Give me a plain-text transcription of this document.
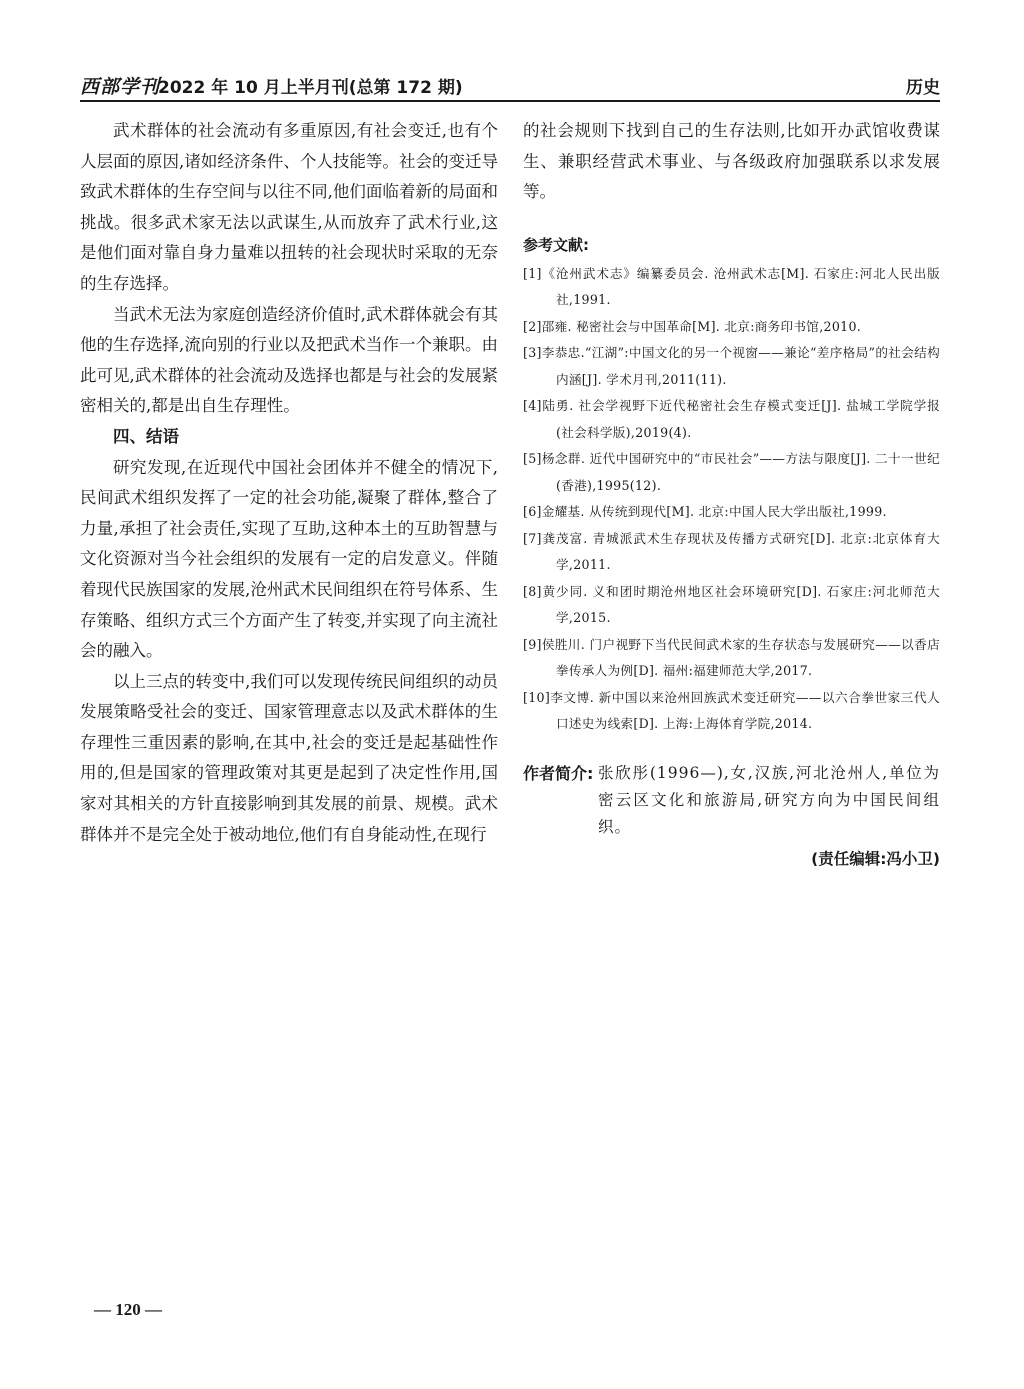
西部学刊
2022 年 10 月上半月刊(总第 172 期)	历史

武术群体的社会流动有多重原因,有社会变迁,也有个人层面的原因,诸如经济条件、个人技能等。社会的变迁导致武术群体的生存空间与以往不同,他们面临着新的局面和挑战。很多武术家无法以武谋生,从而放弃了武术行业,这是他们面对靠自身力量难以扭转的社会现状时采取的无奈的生存选择。

当武术无法为家庭创造经济价值时,武术群体就会有其他的生存选择,流向别的行业以及把武术当作一个兼职。由此可见,武术群体的社会流动及选择也都是与社会的发展紧密相关的,都是出自生存理性。

四、结语

研究发现,在近现代中国社会团体并不健全的情况下,民间武术组织发挥了一定的社会功能,凝聚了群体,整合了力量,承担了社会责任,实现了互助,这种本土的互助智慧与文化资源对当今社会组织的发展有一定的启发意义。伴随着现代民族国家的发展,沧州武术民间组织在符号体系、生存策略、组织方式三个方面产生了转变,并实现了向主流社会的融入。

以上三点的转变中,我们可以发现传统民间组织的动员发展策略受社会的变迁、国家管理意志以及武术群体的生存理性三重因素的影响,在其中,社会的变迁是起基础性作用的,但是国家的管理政策对其更是起到了决定性作用,国家对其相关的方针直接影响到其发展的前景、规模。武术群体并不是完全处于被动地位,他们有自身能动性,在现行

的社会规则下找到自己的生存法则,比如开办武馆收费谋生、兼职经营武术事业、与各级政府加强联系以求发展等。

参考文献:
[1]《沧州武术志》编纂委员会. 沧州武术志[M]. 石家庄:河北人民出版社,1991.
[2]邵雍. 秘密社会与中国革命[M]. 北京:商务印书馆,2010.
[3]李恭忠.“江湖”:中国文化的另一个视窗——兼论“差序格局”的社会结构内涵[J]. 学术月刊,2011(11).
[4]陆勇. 社会学视野下近代秘密社会生存模式变迁[J]. 盐城工学院学报(社会科学版),2019(4).
[5]杨念群. 近代中国研究中的“市民社会”——方法与限度[J]. 二十一世纪(香港),1995(12).
[6]金耀基. 从传统到现代[M]. 北京:中国人民大学出版社,1999.
[7]龚茂富. 青城派武术生存现状及传播方式研究[D]. 北京:北京体育大学,2011.
[8]黄少同. 义和团时期沧州地区社会环境研究[D]. 石家庄:河北师范大学,2015.
[9]侯胜川. 门户视野下当代民间武术家的生存状态与发展研究——以香店拳传承人为例[D]. 福州:福建师范大学,2017.
[10]李文博. 新中国以来沧州回族武术变迁研究——以六合拳世家三代人口述史为线索[D]. 上海:上海体育学院,2014.
作者简介: 张欣彤(1996—),女,汉族,河北沧州人,单位为密云区文化和旅游局,研究方向为中国民间组织。
(责任编辑:冯小卫)
— 120 —
